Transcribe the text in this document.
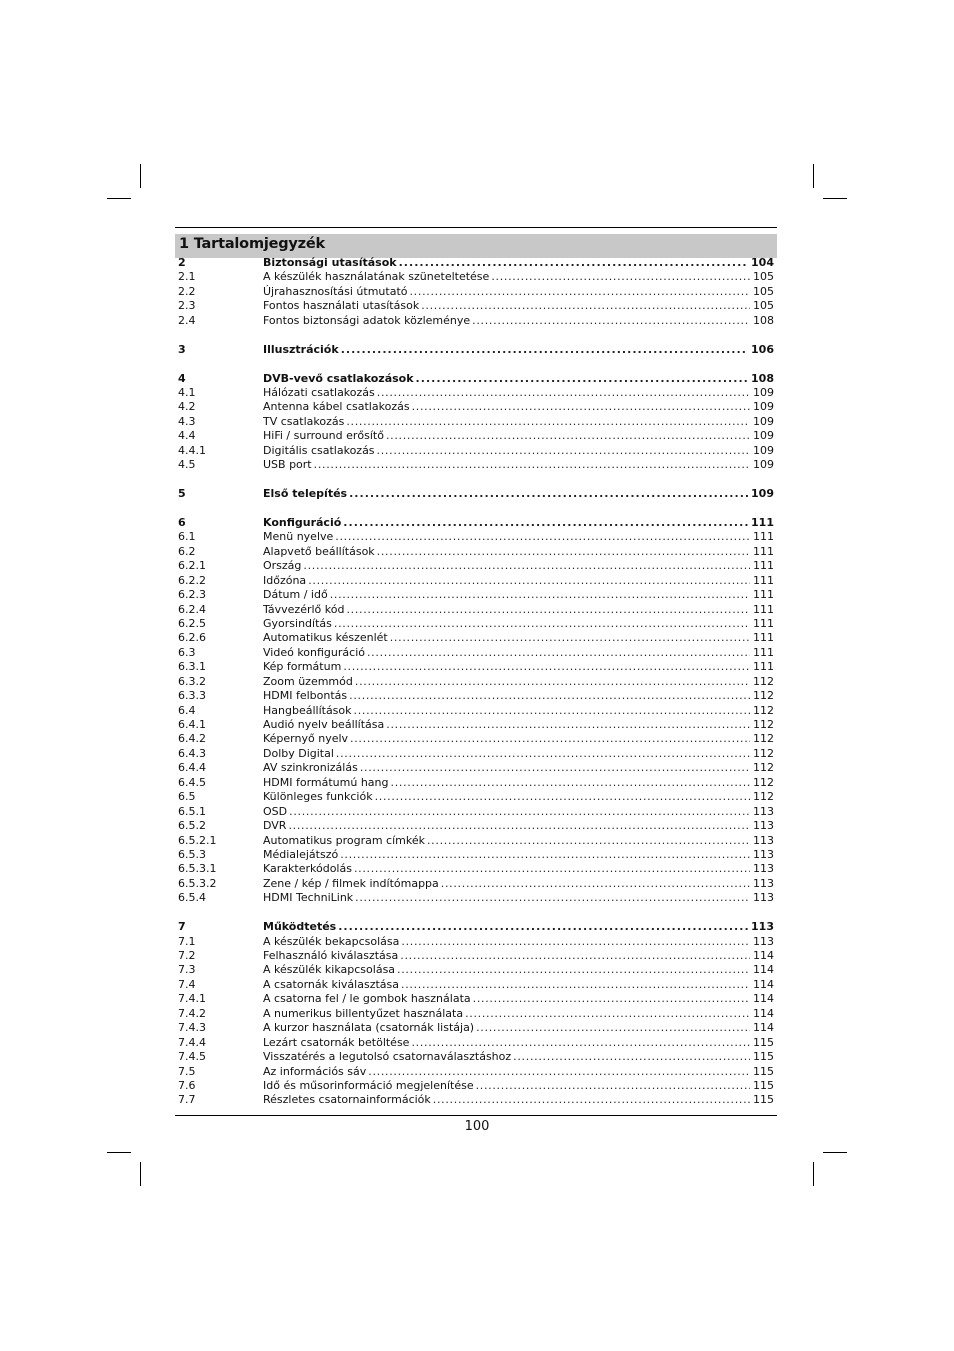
1 Tartalomjegyzék
2	Biztonsági utasítások . . .	104
2.1	A készülék használatának szüneteltetése . . .	105
2.2	Újrahasznosítási útmutató . . .	105
2.3	Fontos használati utasítások . . .	105
2.4	Fontos biztonsági adatok közleménye . . .	108
3	Illusztrációk . . .	106
4	DVB-vevő csatlakozások . . .	108
4.1	Hálózati csatlakozás . . .	109
4.2	Antenna kábel csatlakozás . . .	109
4.3	TV csatlakozás . . .	109
4.4	HiFi / surround erősítő . . .	109
4.4.1	Digitális csatlakozás . . .	109
4.5	USB port . . .	109
5	Első telepítés . . .	109
6	Konfiguráció . . .	111
6.1	Menü nyelve . . .	111
6.2	Alapvető beállítások . . .	111
6.2.1	Ország . . .	111
6.2.2	Időzóna . . .	111
6.2.3	Dátum / idő . . .	111
6.2.4	Távvezérlő kód . . .	111
6.2.5	Gyorsindítás . . .	111
6.2.6	Automatikus készenlét . . .	111
6.3	Videó konfiguráció . . .	111
6.3.1	Kép formátum . . .	111
6.3.2	Zoom üzemmód . . .	112
6.3.3	HDMI felbontás . . .	112
6.4	Hangbeállítások . . .	112
6.4.1	Audió nyelv beállítása . . .	112
6.4.2	Képernyő nyelv . . .	112
6.4.3	Dolby Digital . . .	112
6.4.4	AV szinkronizálás . . .	112
6.4.5	HDMI formátumú hang . . .	112
6.5	Különleges funkciók . . .	112
6.5.1	OSD . . .	113
6.5.2	DVR . . .	113
6.5.2.1	Automatikus program címkék . . .	113
6.5.3	Médialejátszó . . .	113
6.5.3.1	Karakterkódolás . . .	113
6.5.3.2	Zene / kép / filmek indítómappa . . .	113
6.5.4	HDMI TechniLink . . .	113
7	Működtetés . . .	113
7.1	A készülék bekapcsolása . . .	113
7.2	Felhasználó kiválasztása . . .	114
7.3	A készülék kikapcsolása . . .	114
7.4	A csatornák kiválasztása . . .	114
7.4.1	A csatorna fel / le gombok használata . . .	114
7.4.2	A numerikus billentyűzet használata . . .	114
7.4.3	A kurzor használata (csatornák listája) . . .	114
7.4.4	Lezárt csatornák betöltése . . .	115
7.4.5	Visszatérés a legutolsó csatornaválasztáshoz . . .	115
7.5	Az információs sáv . . .	115
7.6	Idő és műsorinformáció megjelenítése . . .	115
7.7	Részletes csatornainformációk . . .	115
100
